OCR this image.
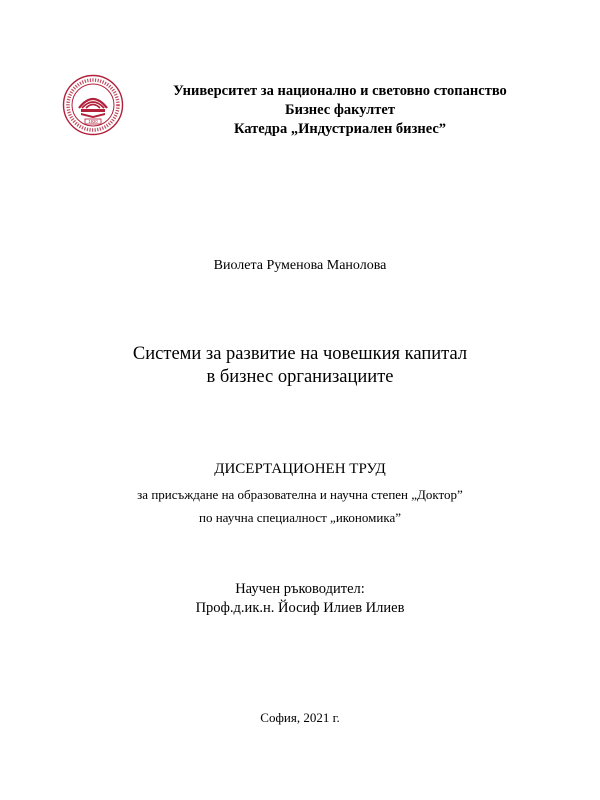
1920
Университет за национално и световно стопанство
Бизнес факултет
Катедра „Индустриален бизнес”
Виолета Руменова Манолова
Системи за развитие на човешкия капитал
в бизнес организациите
ДИСЕРТАЦИОНЕН ТРУД
за присъждане на образователна и научна степен „Доктор”
по научна специалност „икономика”
Научен ръководител:
Проф.д.ик.н. Йосиф Илиев Илиев
София, 2021 г.
